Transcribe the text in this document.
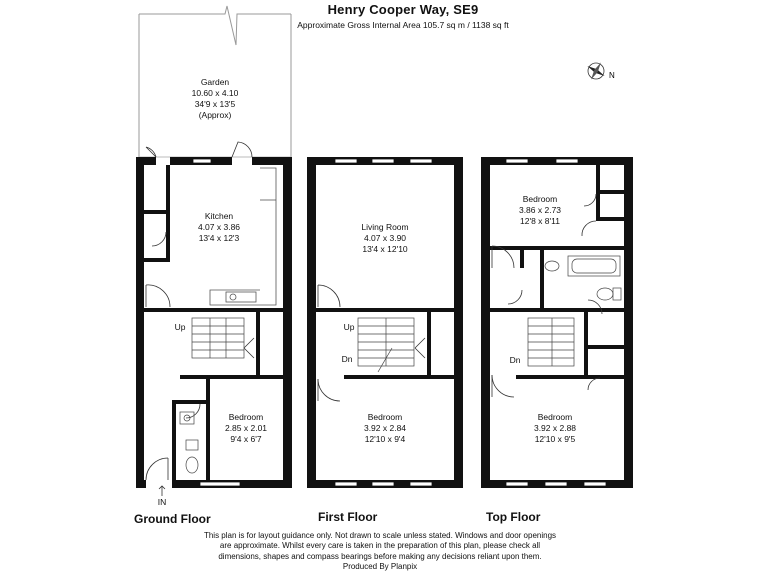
Henry Cooper Way, SE9
Approximate Gross Internal Area 105.7 sq m / 1138 sq ft
Garden
10.60 x 4.10
34'9 x 13'5
(Approx)
N
Kitchen
4.07 x 3.86
13'4 x 12'3
Bedroom
2.85 x 2.01
9'4 x 6'7
Up
IN
Living Room
4.07 x 3.90
13'4 x 12'10
Bedroom
3.92 x 2.84
12'10 x 9'4
Up
Dn
Bedroom
3.86 x 2.73
12'8 x 8'11
Bedroom
3.92 x 2.88
12'10 x 9'5
Dn
Ground Floor	First Floor	Top Floor
This plan is for layout guidance only. Not drawn to scale unless stated. Windows and door openings
are approximate. Whilst every care is taken in the preparation of this plan, please check all
dimensions, shapes and compass bearings before making any decisions reliant upon them.
Produced By Planpix
